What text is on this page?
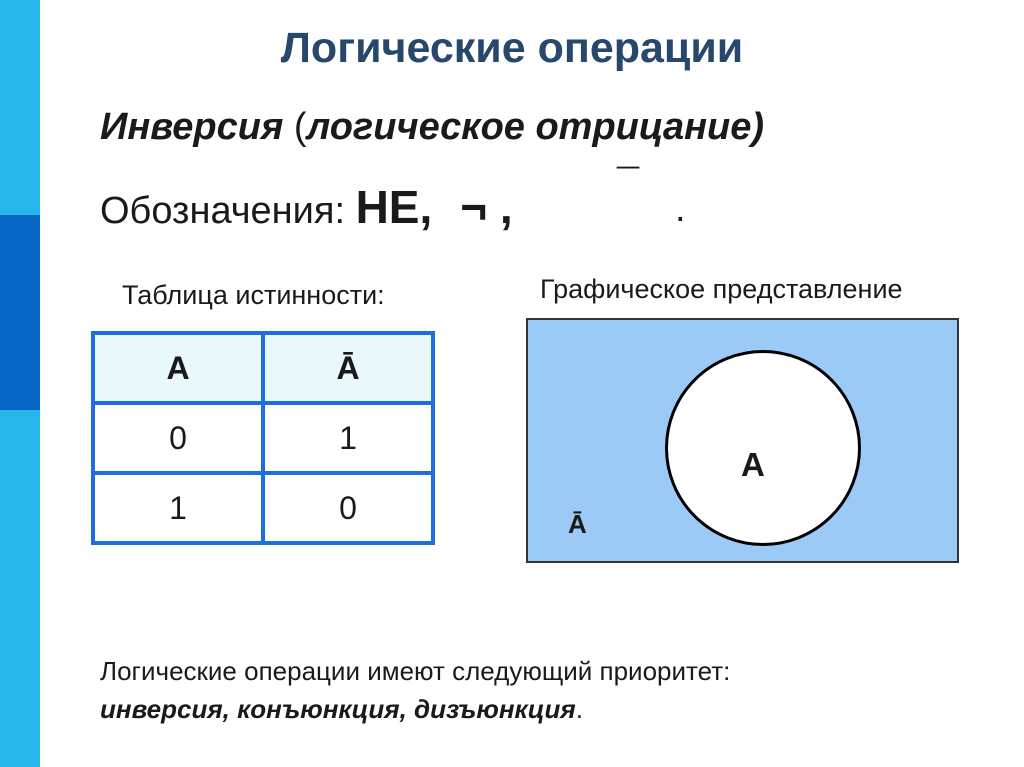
Логические операции
Инверсия (логическое отрицание)
Обозначения: НЕ, ¬ ,	¯
.
Таблица истинности:
A	Ā
0	1
1	0
Графическое представление
A
Ā
Логические операции имеют следующий приоритет:
инверсия, конъюнкция, дизъюнкция.
